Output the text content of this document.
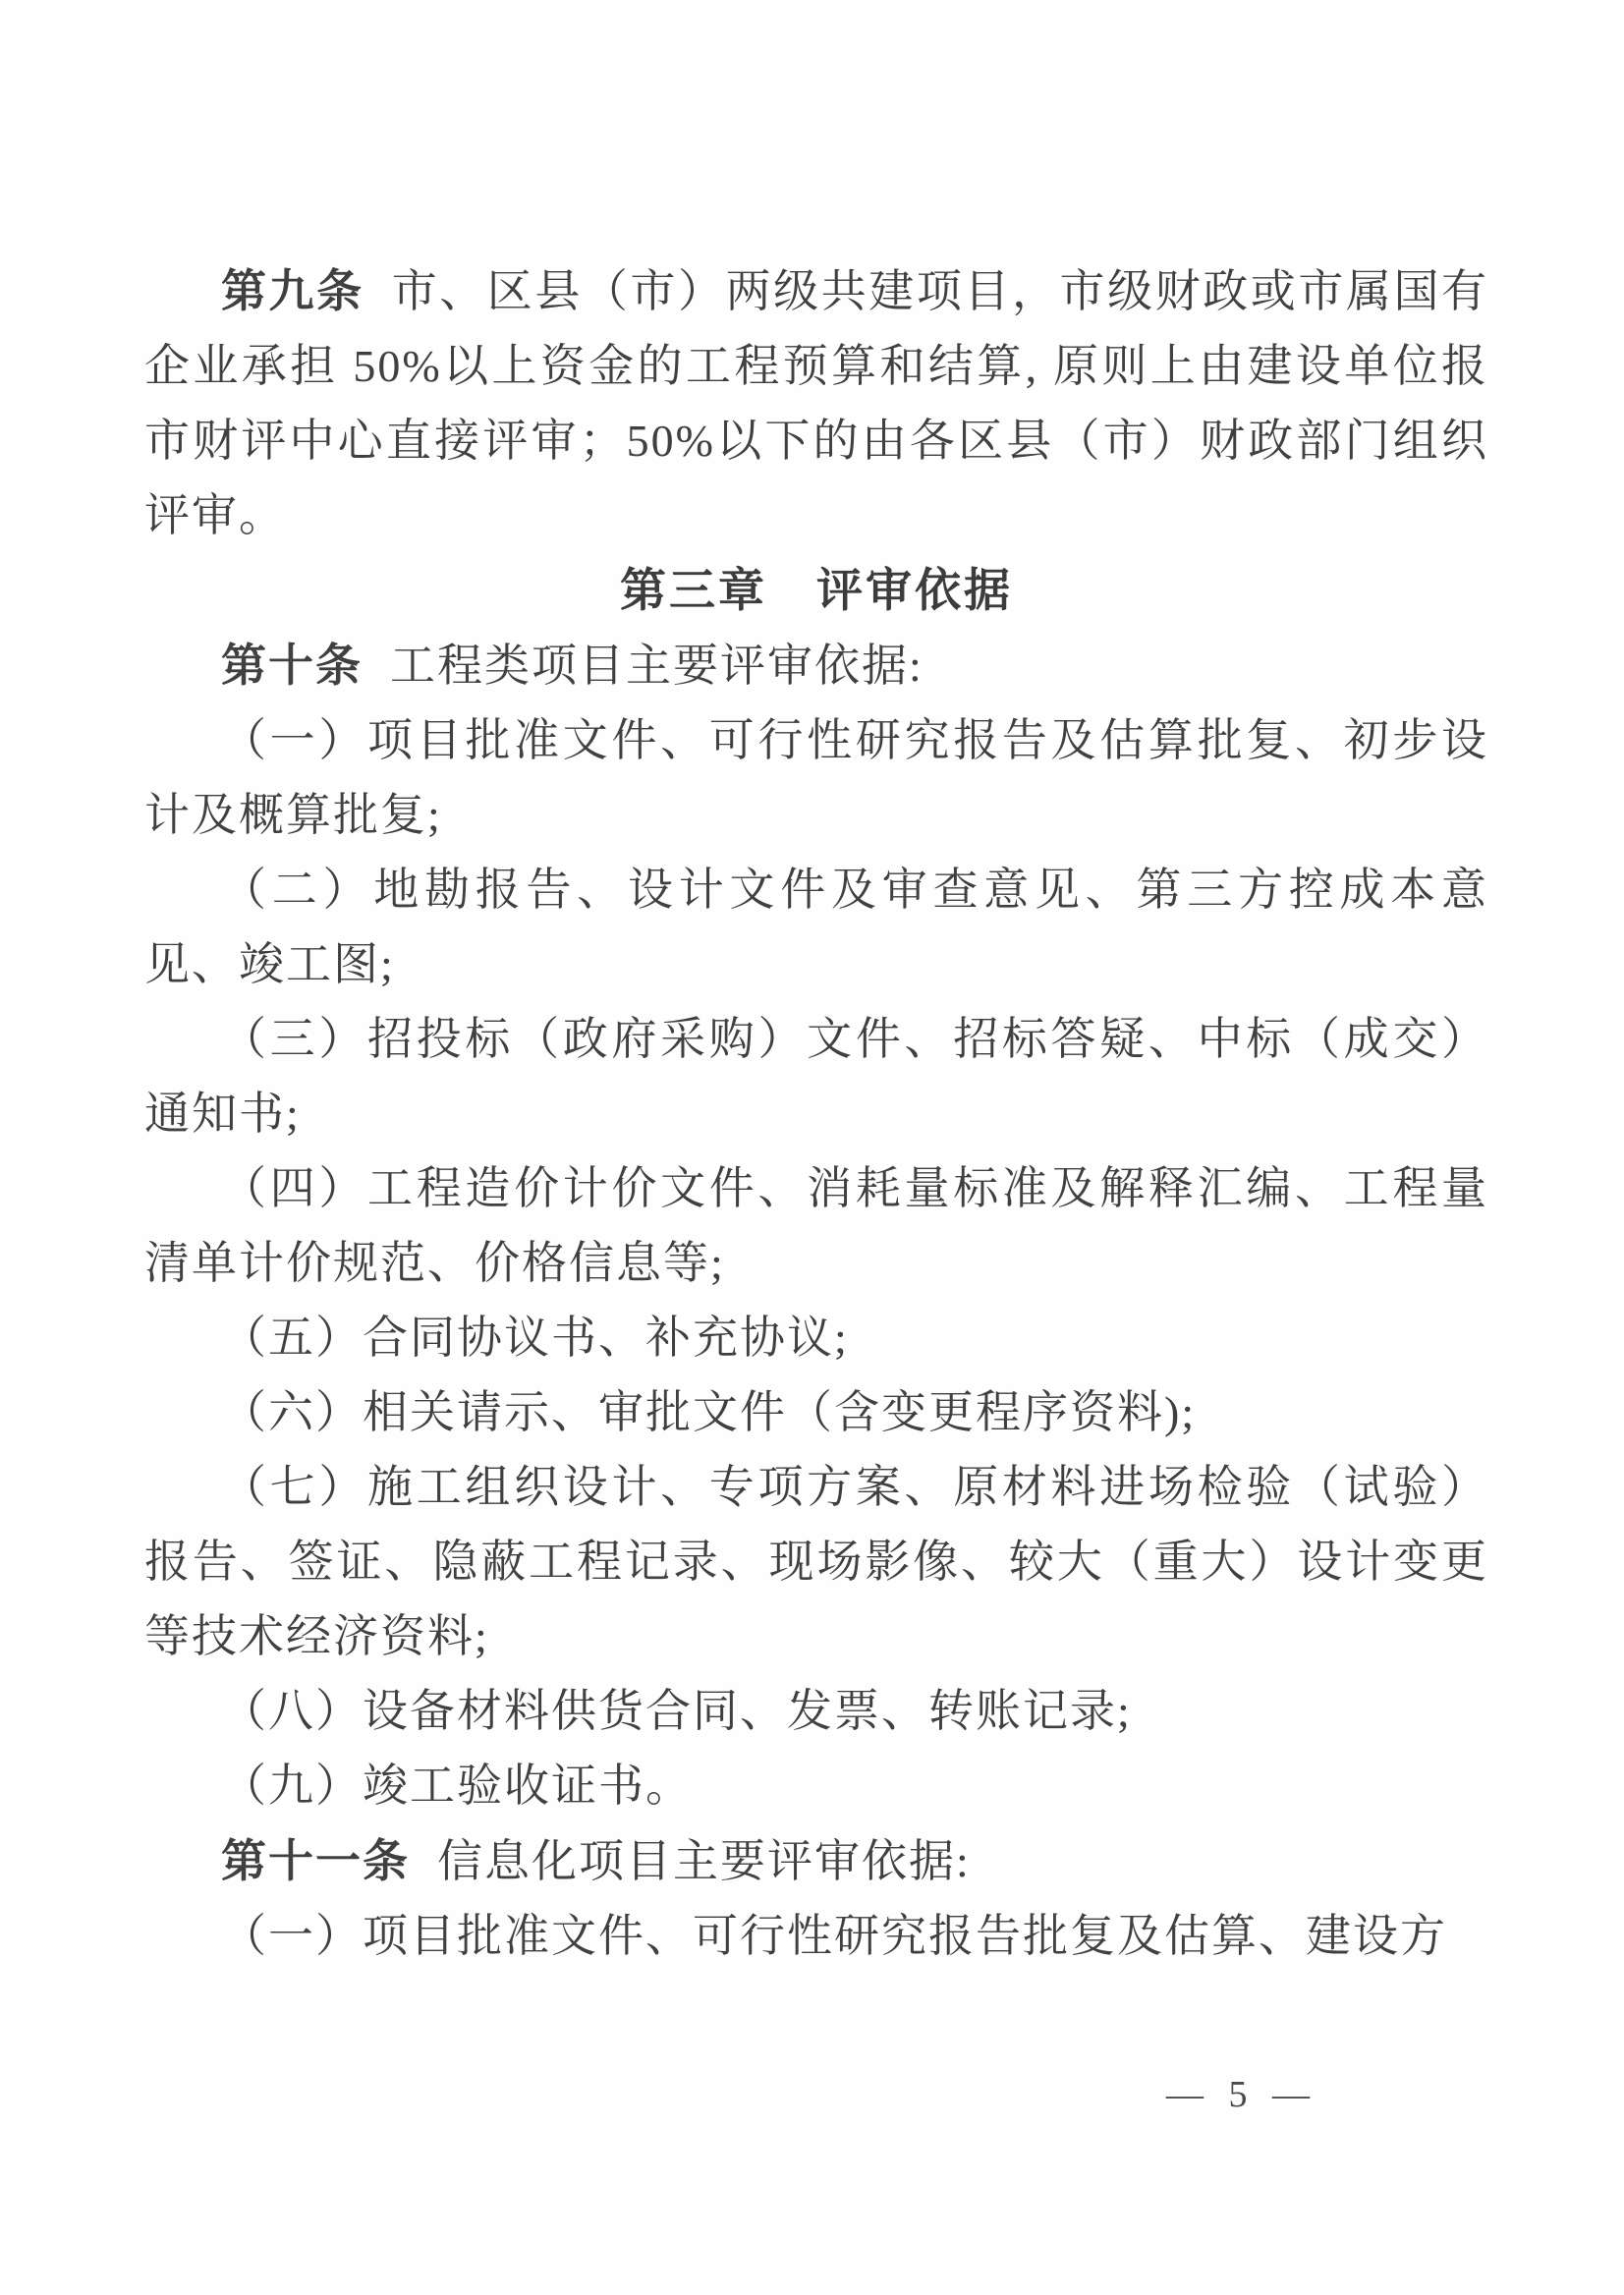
第九条 市、区县（市）两级共建项目，市级财政或市属国有企业承担 50%以上资金的工程预算和结算, 原则上由建设单位报市财评中心直接评审；50%以下的由各区县（市）财政部门组织评审。

第三章　评审依据

第十条 工程类项目主要评审依据:

（一）项目批准文件、可行性研究报告及估算批复、初步设计及概算批复;

（二）地勘报告、设计文件及审查意见、第三方控成本意见、竣工图;

（三）招投标（政府采购）文件、招标答疑、中标（成交）通知书;

（四）工程造价计价文件、消耗量标准及解释汇编、工程量清单计价规范、价格信息等;

（五）合同协议书、补充协议;

（六）相关请示、审批文件（含变更程序资料);

（七）施工组织设计、专项方案、原材料进场检验（试验）报告、签证、隐蔽工程记录、现场影像、较大（重大）设计变更等技术经济资料;

（八）设备材料供货合同、发票、转账记录;

（九）竣工验收证书。

第十一条 信息化项目主要评审依据:

（一）项目批准文件、可行性研究报告批复及估算、建设方

— 5 —
